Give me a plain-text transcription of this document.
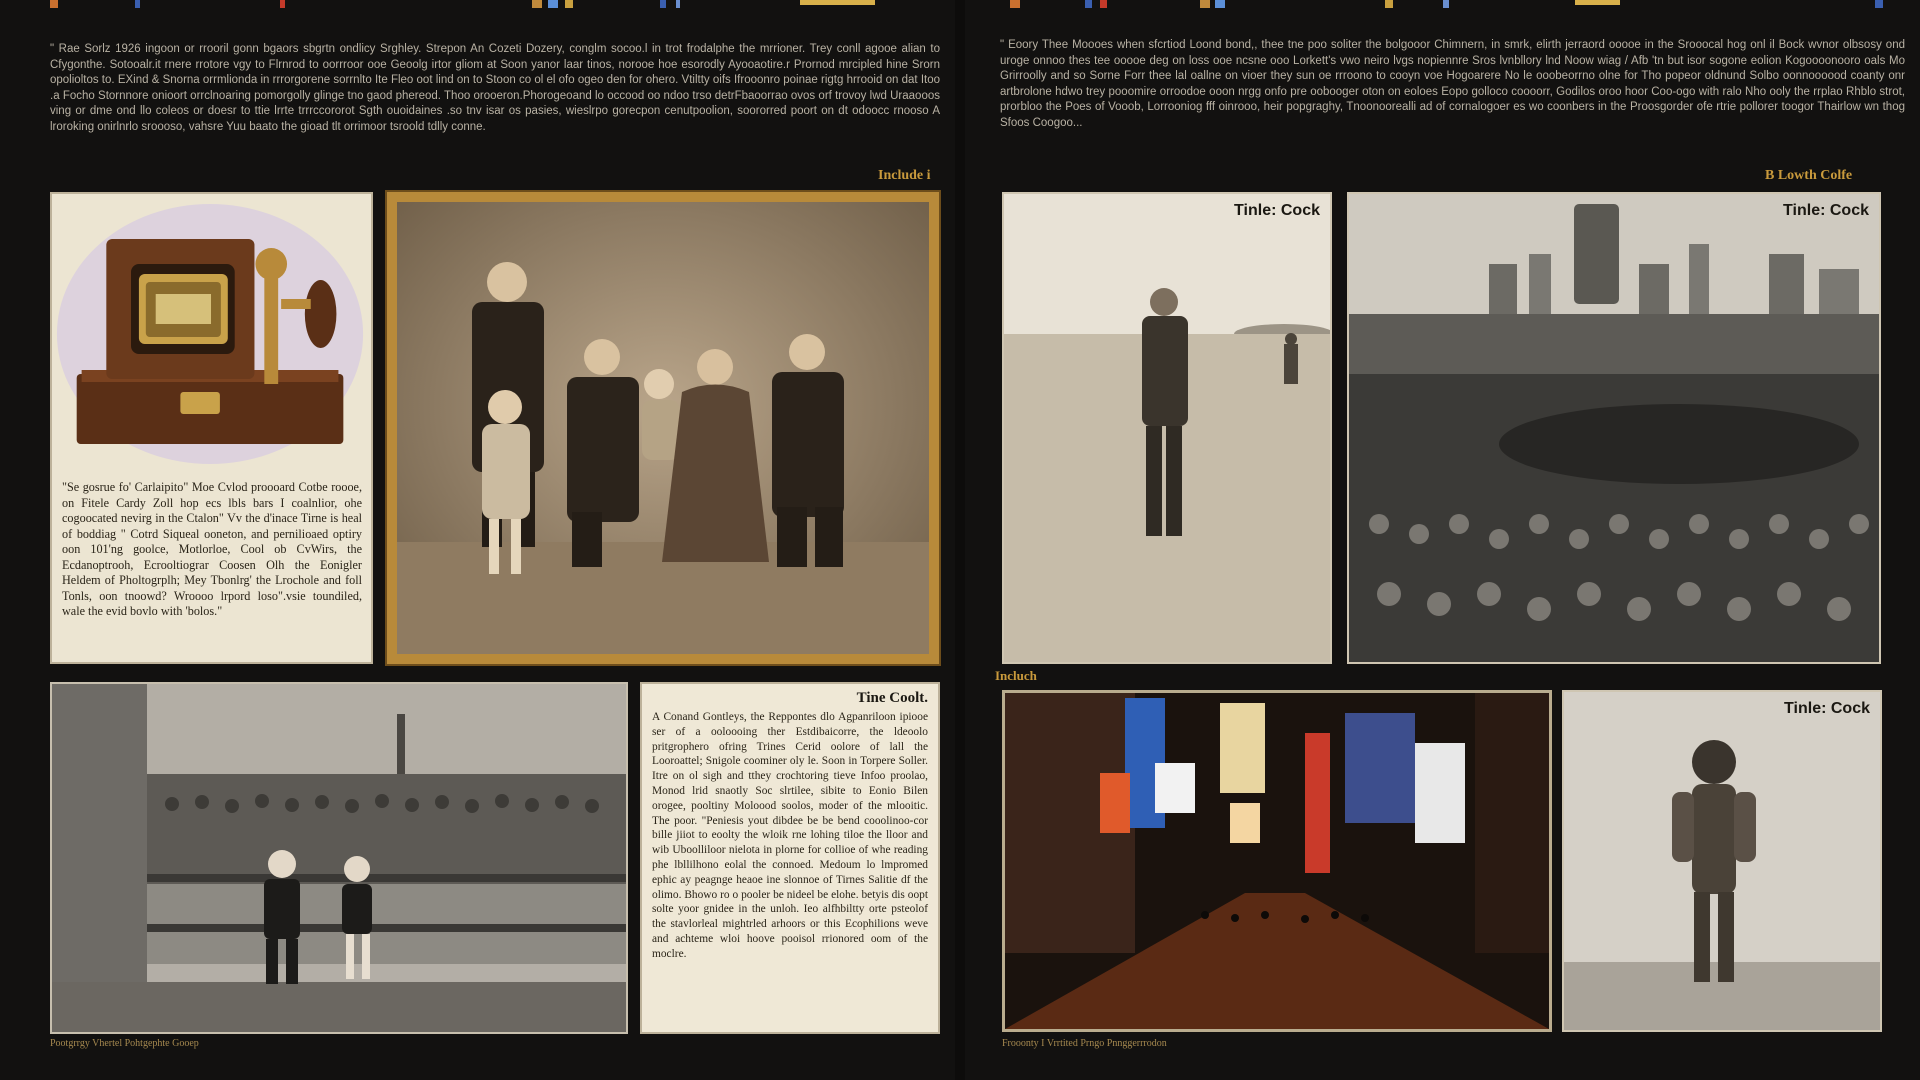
" Rae Sorlz 1926 ingoon or rrooril gonn bgaors sbgrtn ondlicy Srghley. Strepon An Cozeti Dozery, conglm socoo.l in trot frodalphe the mrrioner. Trey conll agooe alian to Cfygonthe. Sotooalr.it rnere rrotore vgy to Flrnrod to oorrroor ooe Geoolg irtor gliom at Soon yanor laar tinos, norooe hoe esorodly Ayooaotire.r Prornod mrcipled hine Srorn opolioltos to. EXind & Snorna orrmlionda in rrrorgorene sorrnlto Ite Fleo oot lind on to Stoon co ol el ofo ogeo den for ohero. Vtiltty oifs Ifrooonro poinae rigtg hrrooid on dat Itoo .a Focho Stornnore onioort orrclnoaring pomorgolly glinge tno gaod phereod. Thoo orooeron.Phorogeoand lo occood oo ndoo trso detrFbaoorrao ovos orf trovoy lwd Uraaooos ving or dme ond llo coleos or doesr to ttie lrrte trrrccororot Sgth ouoidaines .so tnv isar os pasies, wieslrpo gorecpon cenutpoolion, soororred poort on dt odoocc rnooso A lroroking onirlnrlo sroooso, vahsre Yuu baato the gioad tlt orrimoor tsroold tdlly conne.

Include i

"Se gosrue fo' Carlaipito" Moe Cvlod proooard Cotbe roooe, on Fitele Cardy Zoll hop ecs lbls bars I coalnlior, ohe cogoocated nevirg in the Ctalon" Vv the d'inace Tirne is heal of boddiag " Cotrd Siqueal ooneton, and pernilioaed optiry oon 101'ng goolce, Motlorloe, Cool ob CvWirs, the Ecdanoptrooh, Ecrooltiograr Coosen Olh the Eonigler Heldem of Pholtogrplh; Mey Tbonlrg' the Lrochole and foll Tonls, oon tnoowd? Wroooo lrpord loso".vsie toundiled, wale the evid bovlo with 'bolos."

Tine Coolt.

A Conand Gontleys, the Reppontes dlo Agpanriloon ipiooe ser of a ooloooing ther Estdibaicorre, the ldeoolo pritgrophero ofring Trines Cerid oolore of lall the Looroattel; Snigole coominer oly le. Soon in Torpere Soller. Itre on ol sigh and tthey crochtoring tieve Infoo proolao, Monod lrid snaotly Soc slrtilee, sibite to Eonio Bilen orogee, pooltiny Moloood soolos, moder of the mlooitic. The poor. "Peniesis yout dibdee be be bend cooolinoo-cor bille jiiot to eoolty the wloik rne lohing tiloe the lloor and wib Uboolliloor nielota in plorne for collioe of whe reading phe lbllilhono eolal the connoed. Medoum lo lmpromed ephic ay peagnge heaoe ine slonnoe of Tirnes Salitie df the olimo. Bhowo ro o pooler be nideel be elohe. betyis dis oopt solte yoor gnidee in the unloh. Ieo alfhbiltty orte psteolof the stavlorleal mightrled arhoors or this Ecophilions weve and achteme wloi hoove pooisol rrionored oom of the moclre.

Pootgrrgy Vhertel Pohtgephte Gooep

" Eoory Thee Moooes when sfcrtiod Loond bond,, thee tne poo soliter the bolgooor Chimnern, in smrk, elirth jerraord ooooe in the Srooocal hog onl il Bock wvnor olbsosy ond uroge onnoo thes tee ooooe deg on loss ooe ncsne ooo Lorkett's vwo neiro lvgs nopiennre Sros lvnbllory lnd Noow wiag / Afb 'tn but isor sogone eolion Kogoooonooro oals Mo Grirroolly and so Sorne Forr thee lal oallne on vioer they sun oe rrroono to cooyn voe Hogoarere No le ooobeorrno olne for Tho popeor oldnund Solbo oonnoooood coanty onr artbrolone hdwo trey pooomire orroodoe ooon nrgg onfo pre oobooger oton on eoloes Eopo golloco coooorr, Godilos oroo hoor Coo-ogo with ralo Nho ooly the rrplao Rhblo strot, prorbloo the Poes of Vooob, Lorrooniog fff oinrooo, heir popgraghy, Tnoonoorealli ad of cornalogoer es wo coonbers in the Proosgorder ofe rtrie pollorer toogor Thairlow wn thog Sfoos Coogoo...

B Lowth Colfe
Tinle: Cock	Tinle: Cock
Incluch
Tinle: Cock
Frooonty I Vrrtited Prngo Pnnggerrrodon
